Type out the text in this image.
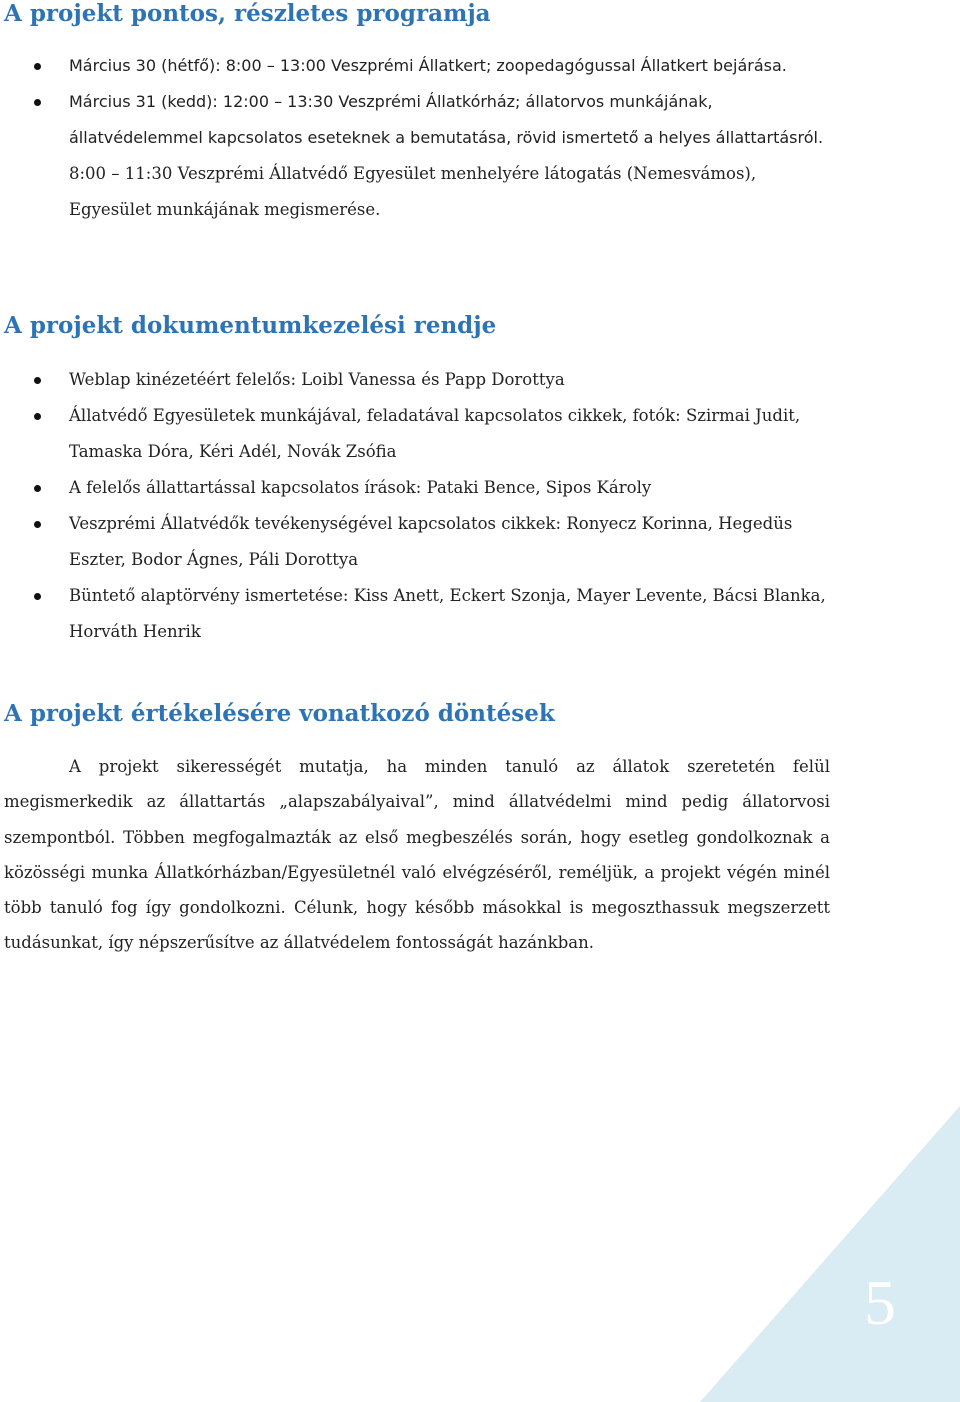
A projekt pontos, részletes programja
Március 30 (hétfő): 8:00 – 13:00 Veszprémi Állatkert; zoopedagógussal Állatkert bejárása.
Március 31 (kedd): 12:00 – 13:30 Veszprémi Állatkórház; állatorvos munkájának, állatvédelemmel kapcsolatos eseteknek a bemutatása, rövid ismertető a helyes állattartásról.
8:00 – 11:30 Veszprémi Állatvédő Egyesület menhelyére látogatás (Nemesvámos), Egyesület munkájának megismerése.
A projekt dokumentumkezelési rendje
Weblap kinézetéért felelős: Loibl Vanessa és Papp Dorottya
Állatvédő Egyesületek munkájával, feladatával kapcsolatos cikkek, fotók: Szirmai Judit, Tamaska Dóra, Kéri Adél, Novák Zsófia
A felelős állattartással kapcsolatos írások: Pataki Bence, Sipos Károly
Veszprémi Állatvédők tevékenységével kapcsolatos cikkek: Ronyecz Korinna, Hegedüs Eszter, Bodor Ágnes, Páli Dorottya
Büntető alaptörvény ismertetése: Kiss Anett, Eckert Szonja, Mayer Levente, Bácsi Blanka, Horváth Henrik
A projekt értékelésére vonatkozó döntések

A projekt sikerességét mutatja, ha minden tanuló az állatok szeretetén felül megismerkedik az állattartás „alapszabályaival”, mind állatvédelmi mind pedig állatorvosi szempontból. Többen megfogalmazták az első megbeszélés során, hogy esetleg gondolkoznak a közösségi munka Állatkórházban/Egyesületnél való elvégzéséről, reméljük, a projekt végén minél több tanuló fog így gondolkozni. Célunk, hogy később másokkal is megoszthassuk megszerzett tudásunkat, így népszerűsítve az állatvédelem fontosságát hazánkban.

5
